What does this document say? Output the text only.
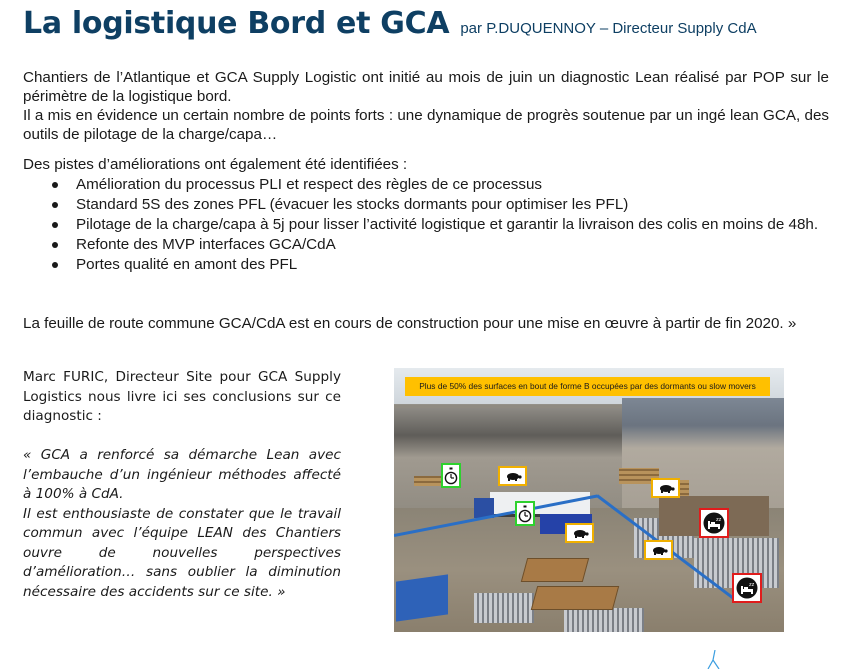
La logistique Bord et GCA par P.DUQUENNOY – Directeur Supply CdA
Chantiers de l’Atlantique et GCA Supply Logistic ont initié au mois de juin un diagnostic Lean réalisé par POP sur le périmètre de la logistique bord.
Il a mis en évidence un certain nombre de points forts : une dynamique de progrès soutenue par un ingé lean GCA, des outils de pilotage de la charge/capa…
Des pistes d’améliorations ont également été identifiées :
Amélioration du processus PLI et respect des règles de ce processus
Standard 5S des zones PFL (évacuer les stocks dormants pour optimiser les PFL)
Pilotage de la charge/capa à 5j pour lisser l’activité logistique et garantir la livraison des colis en moins de 48h.
Refonte des MVP interfaces GCA/CdA
Portes qualité en amont des PFL
La feuille de route commune GCA/CdA est en cours de construction pour une mise en œuvre à partir de fin 2020. »

Marc FURIC, Directeur Site pour GCA Supply Logistics nous livre ici ses conclusions sur ce diagnostic :

« GCA a renforcé sa démarche Lean avec l’embauche d’un ingénieur méthodes affecté à 100% à CdA.

Il est enthousiaste de constater que le travail commun avec l’équipe LEAN des Chantiers ouvre de nouvelles perspectives d’amélioration… sans oublier la diminution nécessaire des accidents sur ce site. »

Plus de 50% des surfaces en bout de forme B occupées par des dormants ou slow movers
zz
zz
